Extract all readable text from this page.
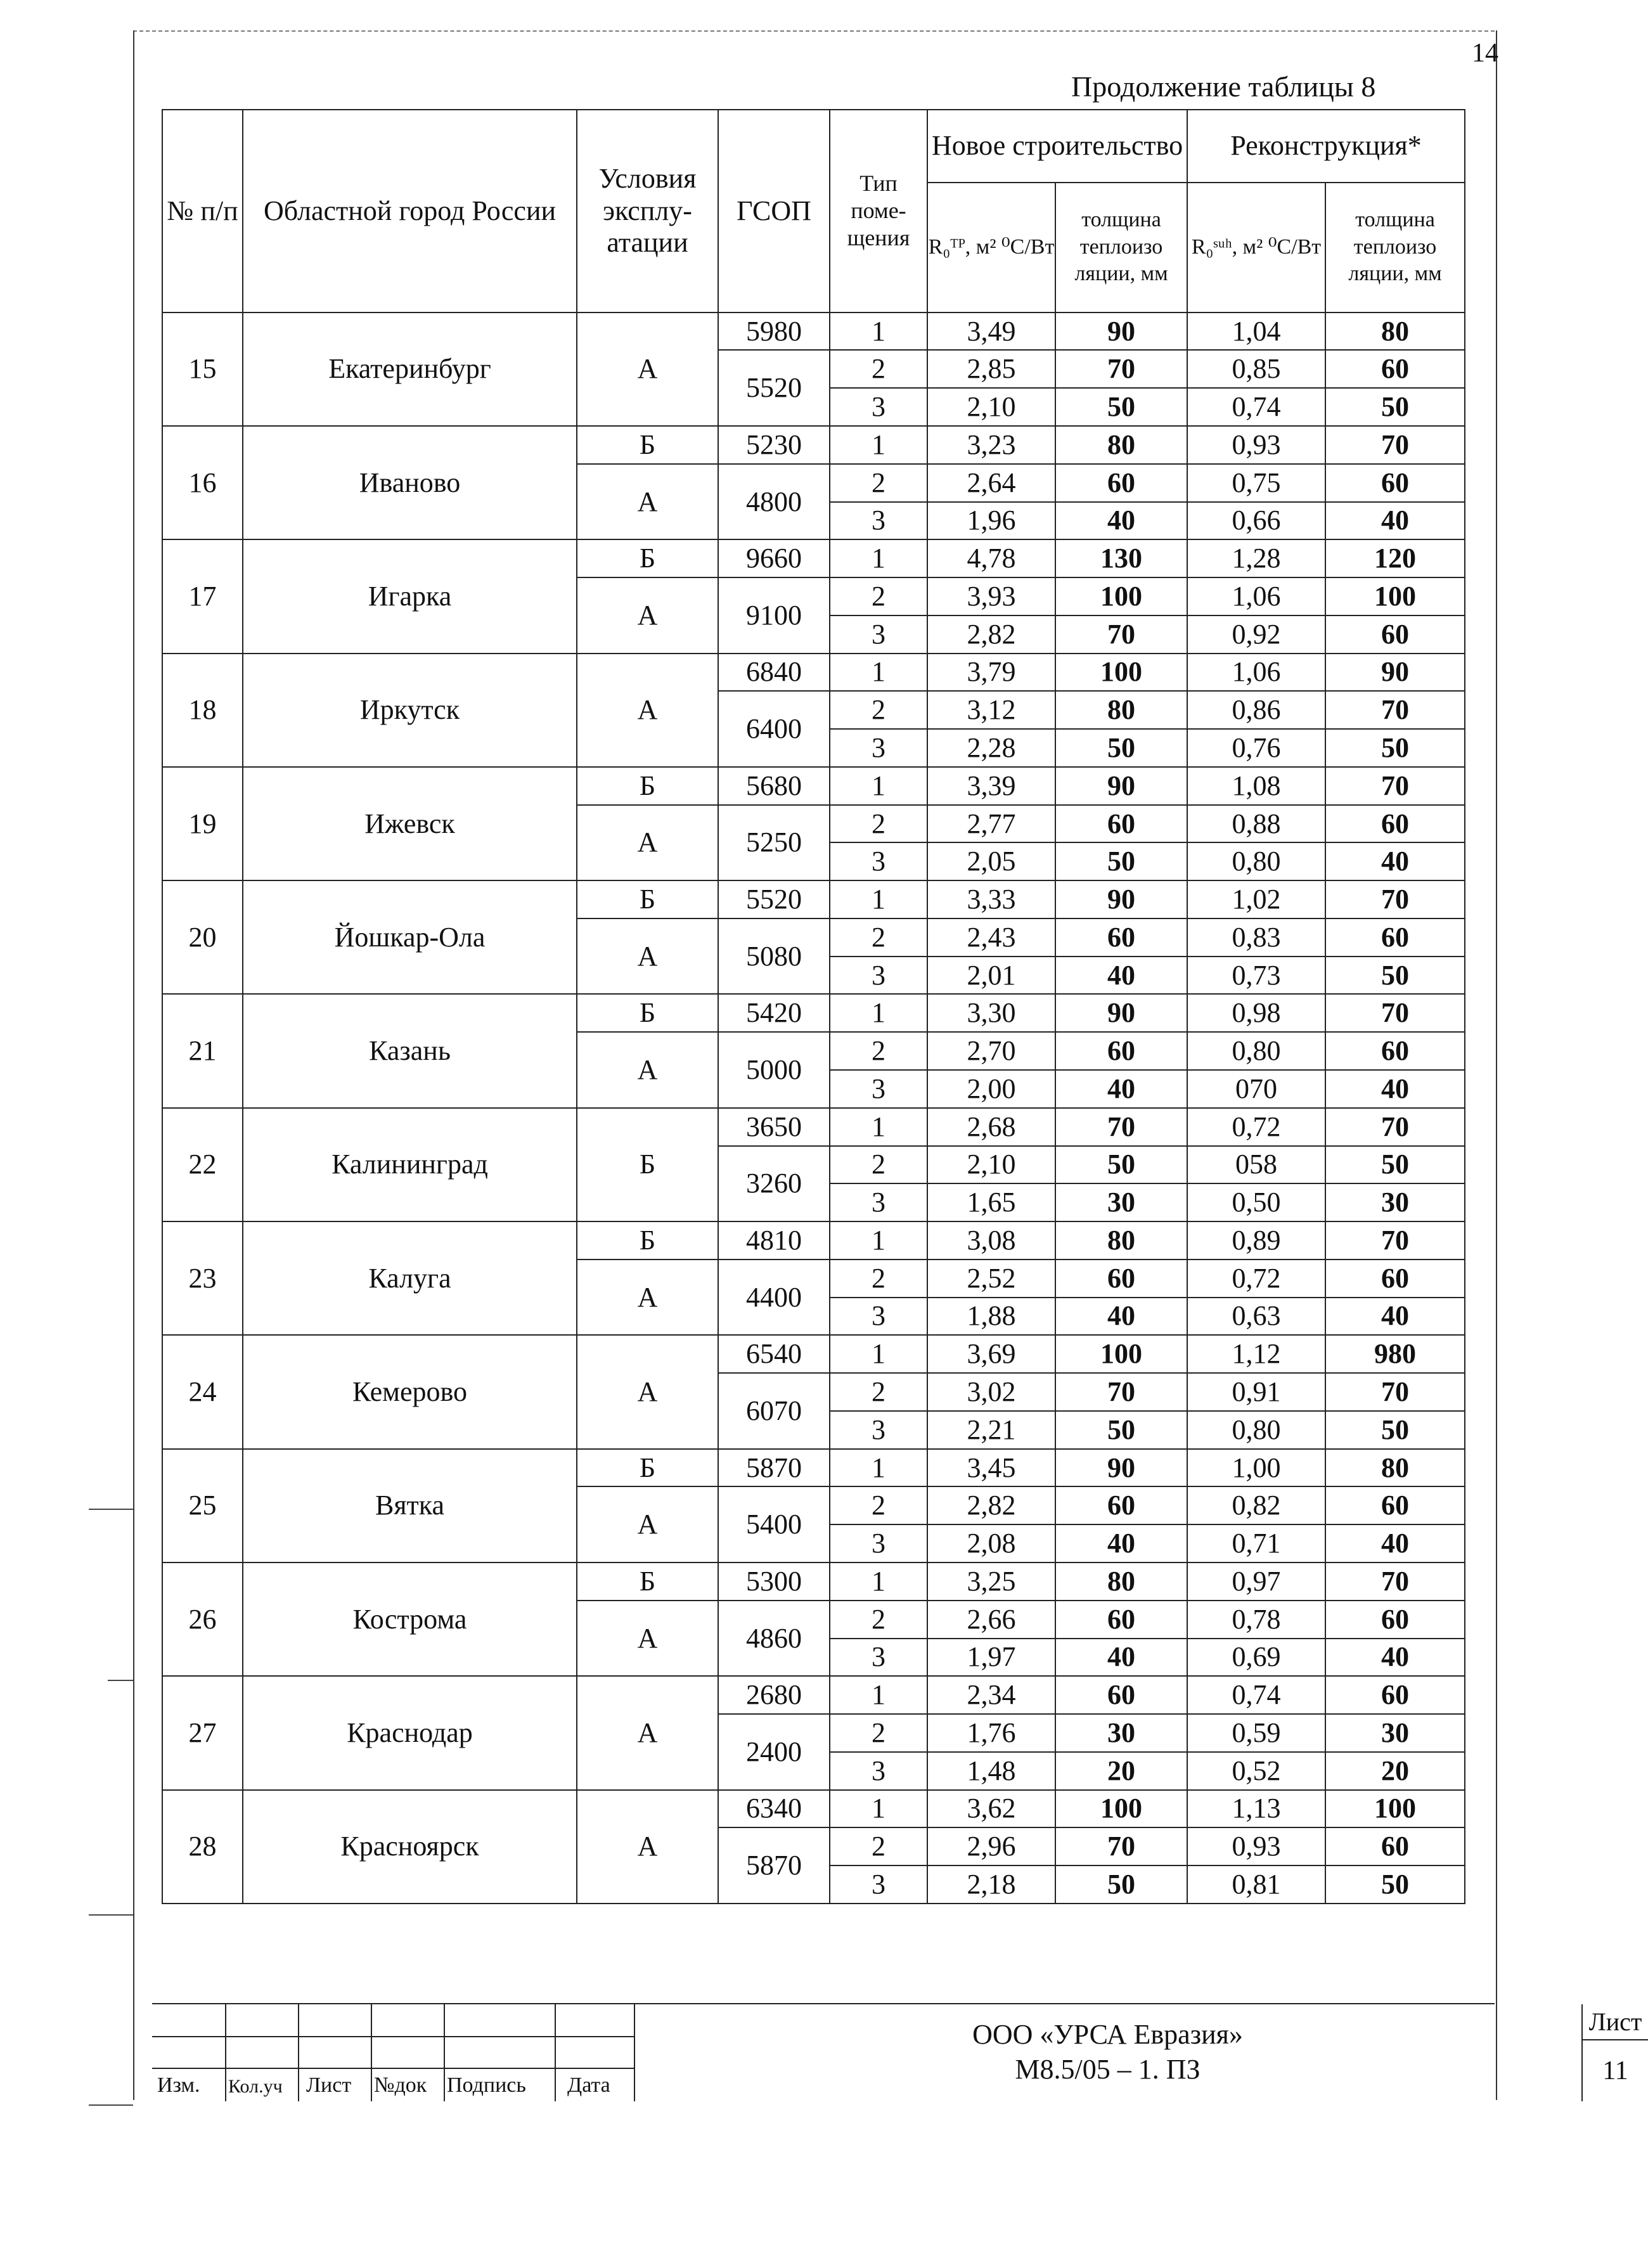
14
Продолжение таблицы 8
№ п/п	Областной город России	Условия эксплу-атации	ГСОП	Тип поме-щения	Новое строительство		Реконструкция*	
					R₀ᵀᴾ, м² ⁰С/Вт	толщина теплоизо ляции, мм	R₀ˢᵘʰ, м² ⁰С/Вт	толщина теплоизо ляции, мм
15	Екатеринбург	А	5980	1	3,49	90	1,04	80
			5520	2	2,85	70	0,85	60
				3	2,10	50	0,74	50
16	Иваново	Б	5230	1	3,23	80	0,93	70
		А	4800	2	2,64	60	0,75	60
				3	1,96	40	0,66	40
17	Игарка	Б	9660	1	4,78	130	1,28	120
		А	9100	2	3,93	100	1,06	100
				3	2,82	70	0,92	60
18	Иркутск	А	6840	1	3,79	100	1,06	90
			6400	2	3,12	80	0,86	70
				3	2,28	50	0,76	50
19	Ижевск	Б	5680	1	3,39	90	1,08	70
		А	5250	2	2,77	60	0,88	60
				3	2,05	50	0,80	40
20	Йошкар-Ола	Б	5520	1	3,33	90	1,02	70
		А	5080	2	2,43	60	0,83	60
				3	2,01	40	0,73	50
21	Казань	Б	5420	1	3,30	90	0,98	70
		А	5000	2	2,70	60	0,80	60
				3	2,00	40	070	40
22	Калининград	Б	3650	1	2,68	70	0,72	70
			3260	2	2,10	50	058	50
				3	1,65	30	0,50	30
23	Калуга	Б	4810	1	3,08	80	0,89	70
		А	4400	2	2,52	60	0,72	60
				3	1,88	40	0,63	40
24	Кемерово	А	6540	1	3,69	100	1,12	980
			6070	2	3,02	70	0,91	70
				3	2,21	50	0,80	50
25	Вятка	Б	5870	1	3,45	90	1,00	80
		А	5400	2	2,82	60	0,82	60
				3	2,08	40	0,71	40
26	Кострома	Б	5300	1	3,25	80	0,97	70
		А	4860	2	2,66	60	0,78	60
				3	1,97	40	0,69	40
27	Краснодар	А	2680	1	2,34	60	0,74	60
			2400	2	1,76	30	0,59	30
				3	1,48	20	0,52	20
28	Красноярск	А	6340	1	3,62	100	1,13	100
			5870	2	2,96	70	0,93	60
				3	2,18	50	0,81	50
Изм. Кол.уч Лист №док Подпись Дата
ООО «УРСА Евразия»
М8.5/05 – 1. ПЗ
Лист
11
